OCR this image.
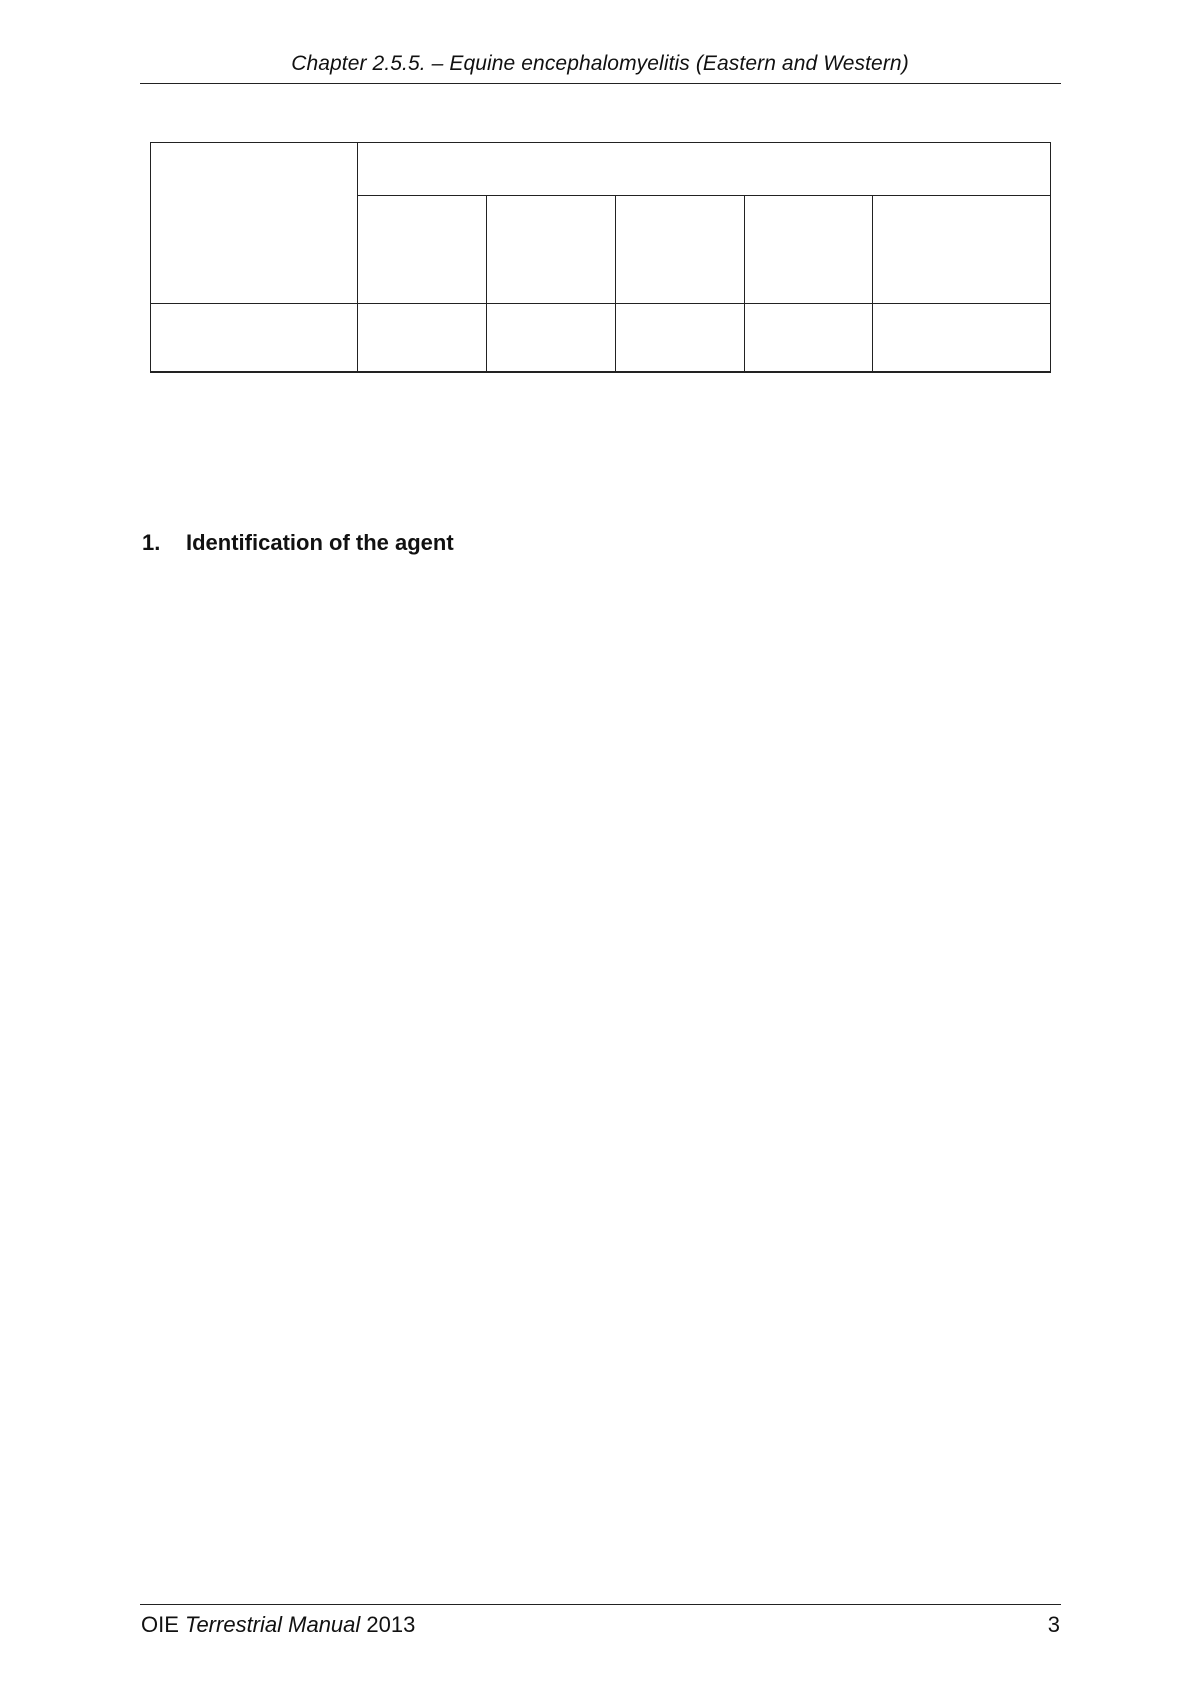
Chapter 2.5.5. – Equine encephalomyelitis (Eastern and Western)

1. Identification of the agent
OIE Terrestrial Manual 2013	3
